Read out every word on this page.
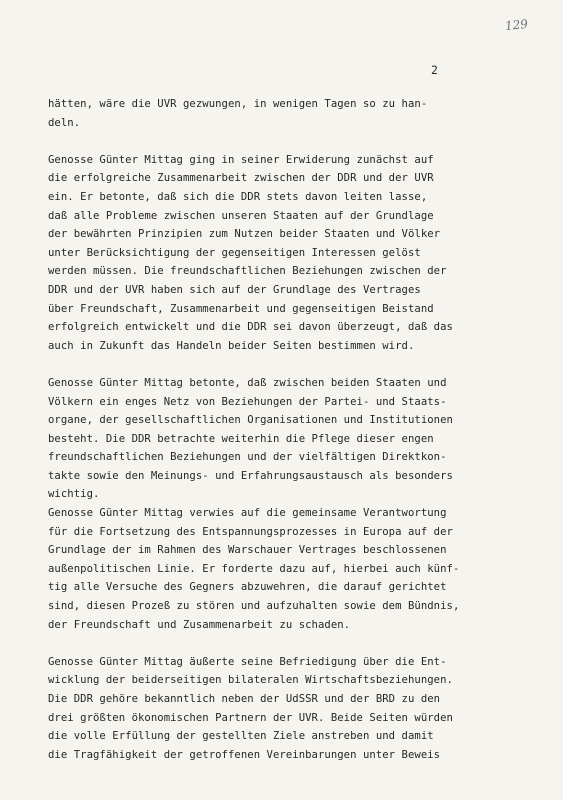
129
2

hätten, wäre die UVR gezwungen, in wenigen Tagen so zu han-
deln.

Genosse Günter Mittag ging in seiner Erwiderung zunächst auf
die erfolgreiche Zusammenarbeit zwischen der DDR und der UVR
ein. Er betonte, daß sich die DDR stets davon leiten lasse,
daß alle Probleme zwischen unseren Staaten auf der Grundlage
der bewährten Prinzipien zum Nutzen beider Staaten und Völker
unter Berücksichtigung der gegenseitigen Interessen gelöst
werden müssen. Die freundschaftlichen Beziehungen zwischen der
DDR und der UVR haben sich auf der Grundlage des Vertrages
über Freundschaft, Zusammenarbeit und gegenseitigen Beistand
erfolgreich entwickelt und die DDR sei davon überzeugt, daß das
auch in Zukunft das Handeln beider Seiten bestimmen wird.

Genosse Günter Mittag betonte, daß zwischen beiden Staaten und
Völkern ein enges Netz von Beziehungen der Partei- und Staats-
organe, der gesellschaftlichen Organisationen und Institutionen
besteht. Die DDR betrachte weiterhin die Pflege dieser engen
freundschaftlichen Beziehungen und der vielfältigen Direktkon-
takte sowie den Meinungs- und Erfahrungsaustausch als besonders
wichtig.

Genosse Günter Mittag verwies auf die gemeinsame Verantwortung
für die Fortsetzung des Entspannungsprozesses in Europa auf der
Grundlage der im Rahmen des Warschauer Vertrages beschlossenen
außenpolitischen Linie. Er forderte dazu auf, hierbei auch künf-
tig alle Versuche des Gegners abzuwehren, die darauf gerichtet
sind, diesen Prozeß zu stören und aufzuhalten sowie dem Bündnis,
der Freundschaft und Zusammenarbeit zu schaden.

Genosse Günter Mittag äußerte seine Befriedigung über die Ent-
wicklung der beiderseitigen bilateralen Wirtschaftsbeziehungen.
Die DDR gehöre bekanntlich neben der UdSSR und der BRD zu den
drei größten ökonomischen Partnern der UVR. Beide Seiten würden
die volle Erfüllung der gestellten Ziele anstreben und damit
die Tragfähigkeit der getroffenen Vereinbarungen unter Beweis
